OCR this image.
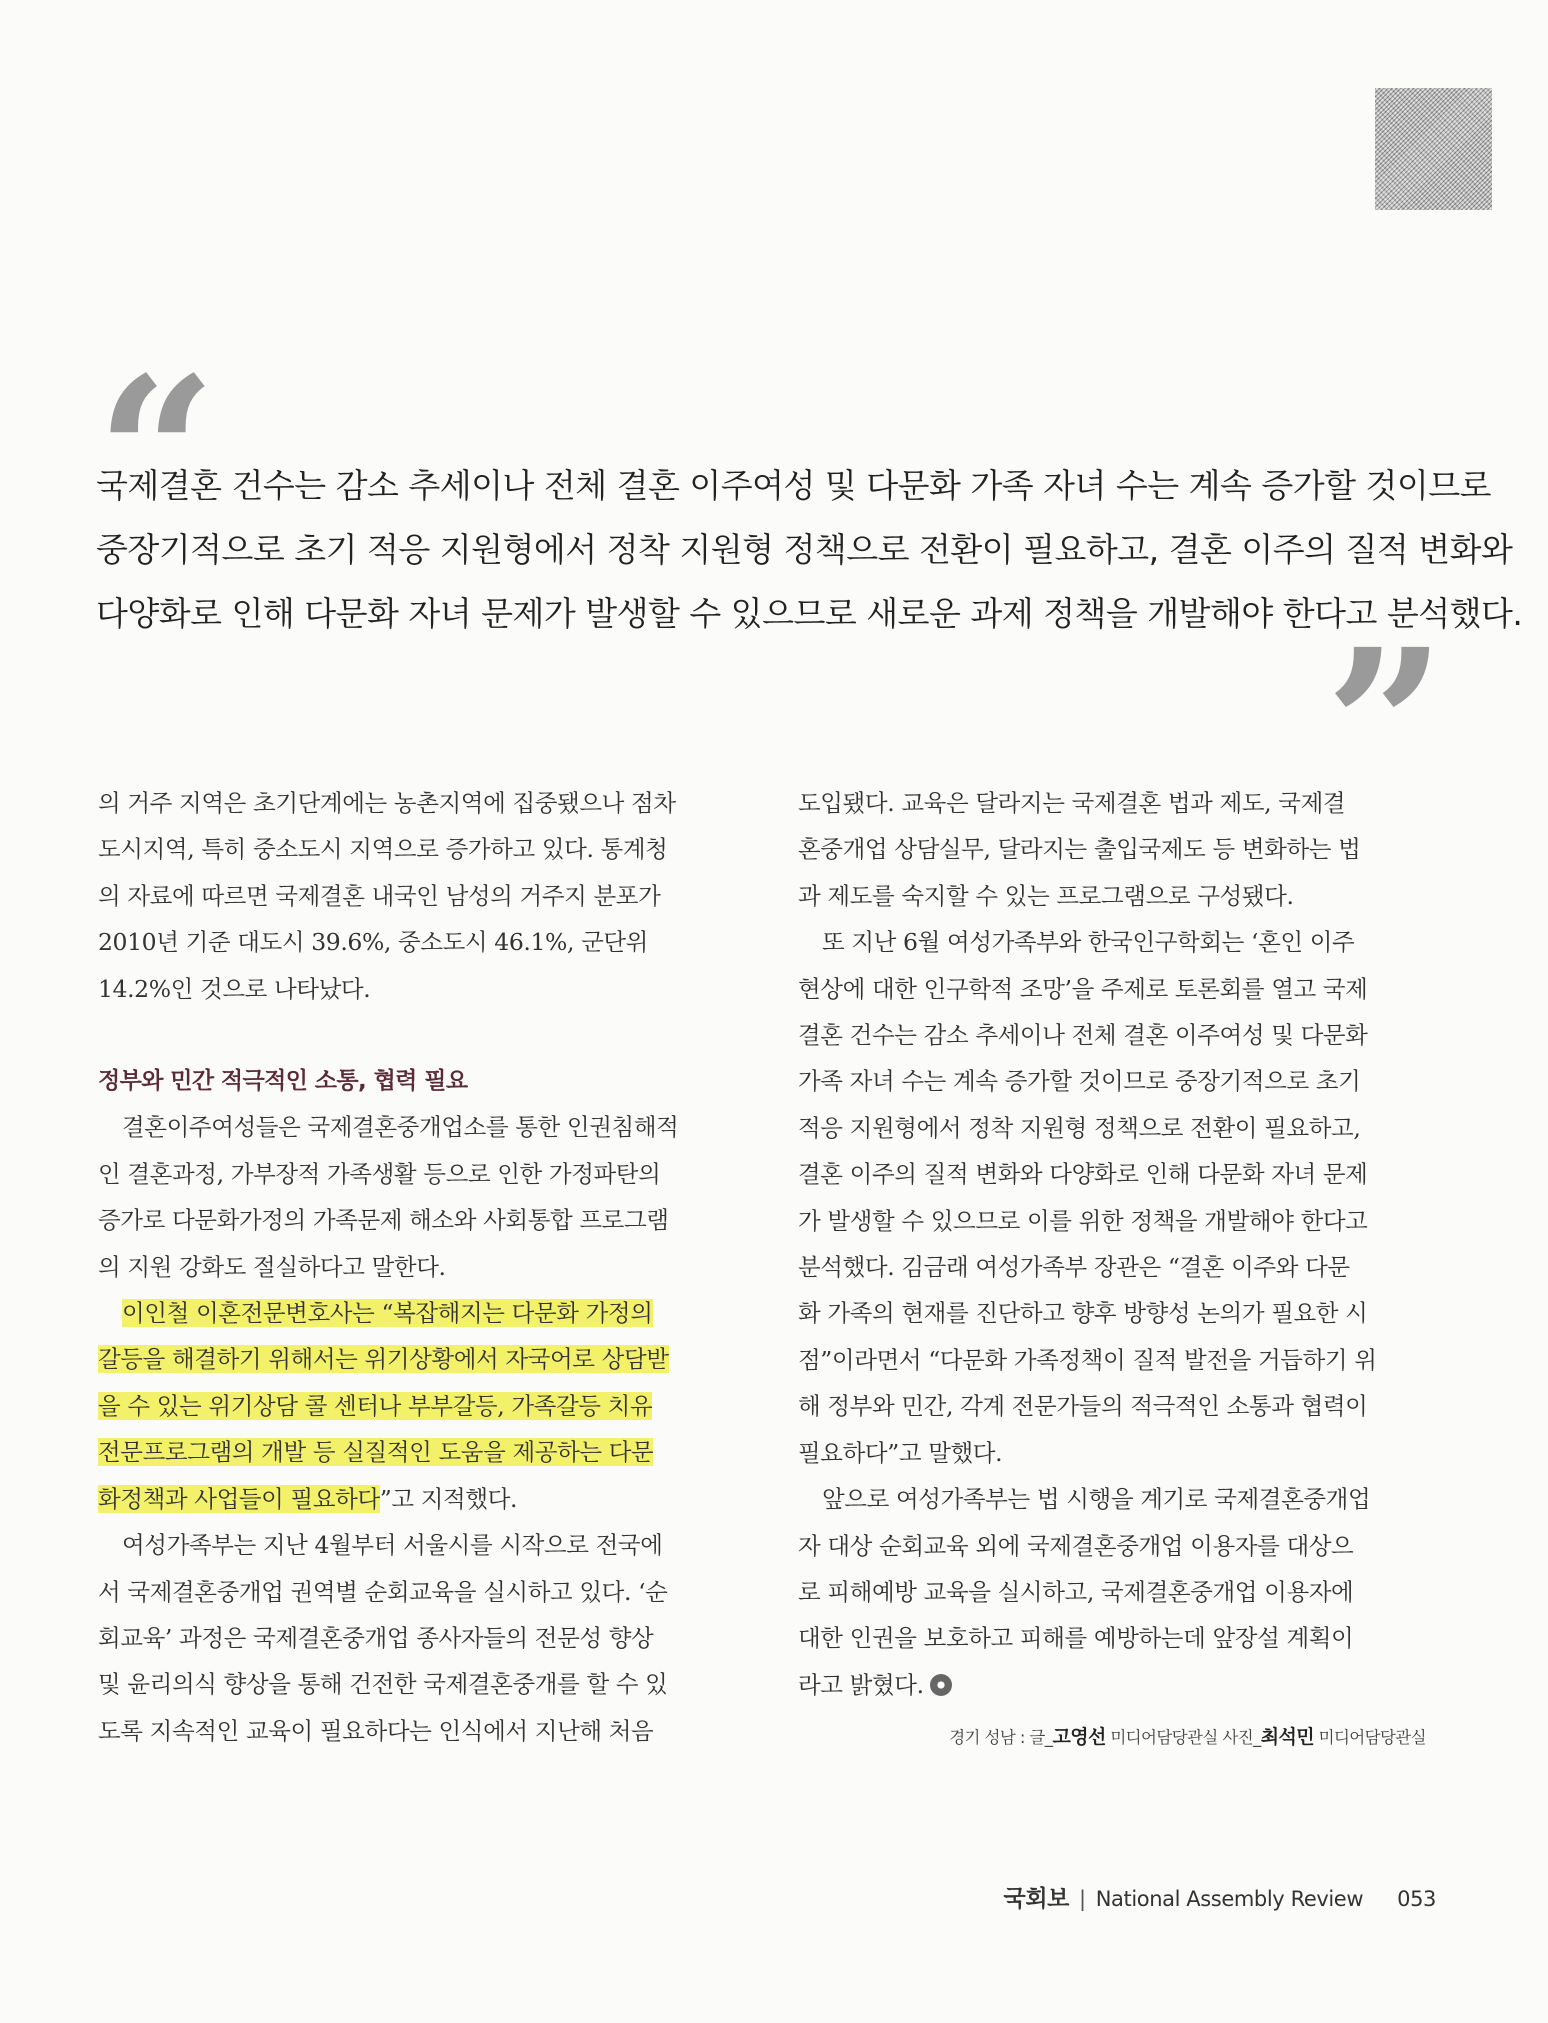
“
국제결혼 건수는 감소 추세이나 전체 결혼 이주여성 및 다문화 가족 자녀 수는 계속 증가할 것이므로
중장기적으로 초기 적응 지원형에서 정착 지원형 정책으로 전환이 필요하고, 결혼 이주의 질적 변화와
다양화로 인해 다문화 자녀 문제가 발생할 수 있으므로 새로운 과제 정책을 개발해야 한다고 분석했다.
”

의 거주 지역은 초기단계에는 농촌지역에 집중됐으나 점차
도시지역, 특히 중소도시 지역으로 증가하고 있다. 통계청
의 자료에 따르면 국제결혼 내국인 남성의 거주지 분포가
2010년 기준 대도시 39.6%, 중소도시 46.1%, 군단위
14.2%인 것으로 나타났다.

정부와 민간 적극적인 소통, 협력 필요

결혼이주여성들은 국제결혼중개업소를 통한 인권침해적
인 결혼과정, 가부장적 가족생활 등으로 인한 가정파탄의
증가로 다문화가정의 가족문제 해소와 사회통합 프로그램
의 지원 강화도 절실하다고 말한다.

이인철 이혼전문변호사는 “복잡해지는 다문화 가정의
갈등을 해결하기 위해서는 위기상황에서 자국어로 상담받
을 수 있는 위기상담 콜 센터나 부부갈등, 가족갈등 치유
전문프로그램의 개발 등 실질적인 도움을 제공하는 다문
화정책과 사업들이 필요하다”고 지적했다.

여성가족부는 지난 4월부터 서울시를 시작으로 전국에
서 국제결혼중개업 권역별 순회교육을 실시하고 있다. ‘순
회교육’ 과정은 국제결혼중개업 종사자들의 전문성 향상
및 윤리의식 향상을 통해 건전한 국제결혼중개를 할 수 있
도록 지속적인 교육이 필요하다는 인식에서 지난해 처음

도입됐다. 교육은 달라지는 국제결혼 법과 제도, 국제결
혼중개업 상담실무, 달라지는 출입국제도 등 변화하는 법
과 제도를 숙지할 수 있는 프로그램으로 구성됐다.

또 지난 6월 여성가족부와 한국인구학회는 ‘혼인 이주
현상에 대한 인구학적 조망’을 주제로 토론회를 열고 국제
결혼 건수는 감소 추세이나 전체 결혼 이주여성 및 다문화
가족 자녀 수는 계속 증가할 것이므로 중장기적으로 초기
적응 지원형에서 정착 지원형 정책으로 전환이 필요하고,
결혼 이주의 질적 변화와 다양화로 인해 다문화 자녀 문제
가 발생할 수 있으므로 이를 위한 정책을 개발해야 한다고
분석했다. 김금래 여성가족부 장관은 “결혼 이주와 다문
화 가족의 현재를 진단하고 향후 방향성 논의가 필요한 시
점”이라면서 “다문화 가족정책이 질적 발전을 거듭하기 위
해 정부와 민간, 각계 전문가들의 적극적인 소통과 협력이
필요하다”고 말했다.

앞으로 여성가족부는 법 시행을 계기로 국제결혼중개업
자 대상 순회교육 외에 국제결혼중개업 이용자를 대상으
로 피해예방 교육을 실시하고, 국제결혼중개업 이용자에
대한 인권을 보호하고 피해를 예방하는데 앞장설 계획이
라고 밝혔다.

경기 성남 : 글_고영선 미디어담당관실 사진_최석민 미디어담당관실

국회보 | National Assembly Review 053
